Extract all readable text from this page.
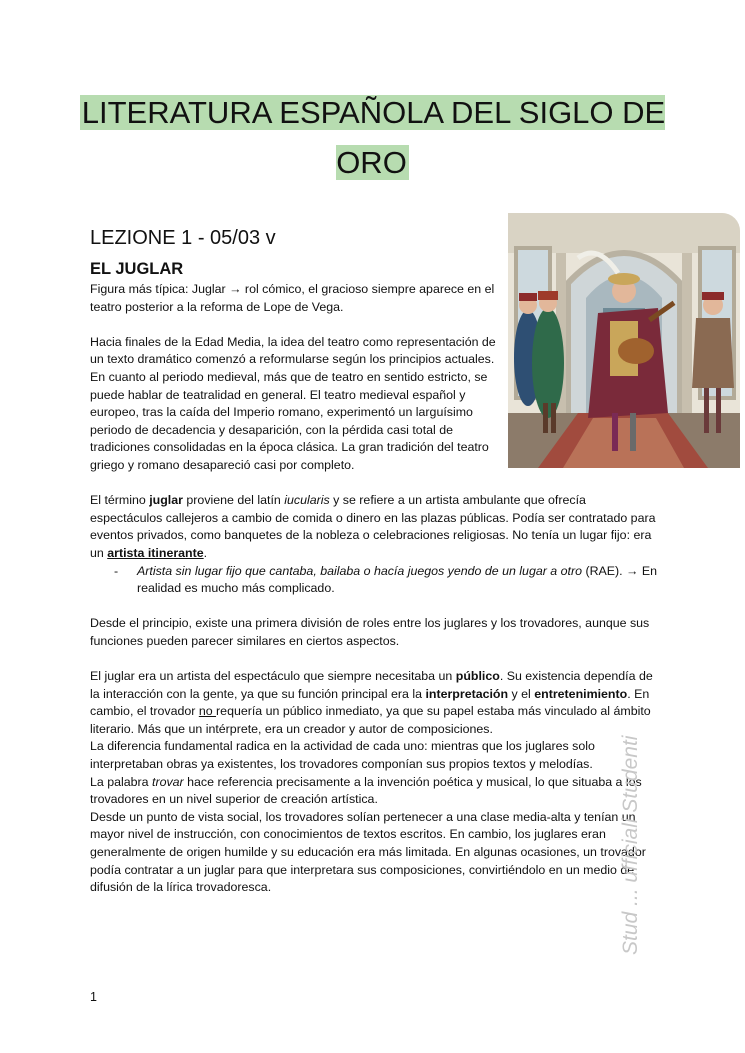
LITERATURA ESPAÑOLA DEL SIGLO DE ORO
LEZIONE 1 - 05/03 v
EL JUGLAR

Figura más típica: Juglar → rol cómico, el gracioso siempre aparece en el teatro posterior a la reforma de Lope de Vega.

Hacia finales de la Edad Media, la idea del teatro como representación de un texto dramático comenzó a reformularse según los principios actuales. En cuanto al periodo medieval, más que de teatro en sentido estricto, se puede hablar de teatralidad en general. El teatro medieval español y europeo, tras la caída del Imperio romano, experimentó un larguísimo periodo de decadencia y desaparición, con la pérdida casi total de tradiciones consolidadas en la época clásica. La gran tradición del teatro griego y romano desapareció casi por completo.

El término juglar proviene del latín iucularis y se refiere a un artista ambulante que ofrecía espectáculos callejeros a cambio de comida o dinero en las plazas públicas. Podía ser contratado para eventos privados, como banquetes de la nobleza o celebraciones religiosas. No tenía un lugar fijo: era un artista itinerante.

- Artista sin lugar fijo que cantaba, bailaba o hacía juegos yendo de un lugar a otro (RAE). → En realidad es mucho más complicado.

Desde el principio, existe una primera división de roles entre los juglares y los trovadores, aunque sus funciones pueden parecer similares en ciertos aspectos.

El juglar era un artista del espectáculo que siempre necesitaba un público. Su existencia dependía de la interacción con la gente, ya que su función principal era la interpretación y el entretenimiento. En cambio, el trovador no requería un público inmediato, ya que su papel estaba más vinculado al ámbito literario. Más que un intérprete, era un creador y autor de composiciones.

La diferencia fundamental radica en la actividad de cada uno: mientras que los juglares solo interpretaban obras ya existentes, los trovadores componían sus propios textos y melodías.

La palabra trovar hace referencia precisamente a la invención poética y musical, lo que situaba a los trovadores en un nivel superior de creación artística.

Desde un punto de vista social, los trovadores solían pertenecer a una clase media-alta y tenían un mayor nivel de instrucción, con conocimientos de textos escritos. En cambio, los juglares eran generalmente de origen humilde y su educación era más limitada. En algunas ocasiones, un trovador podía contratar a un juglar para que interpretara sus composiciones, convirtiéndolo en un medio de difusión de la lírica trovadoresca.	Stud ... ufficiali Studenti
1
